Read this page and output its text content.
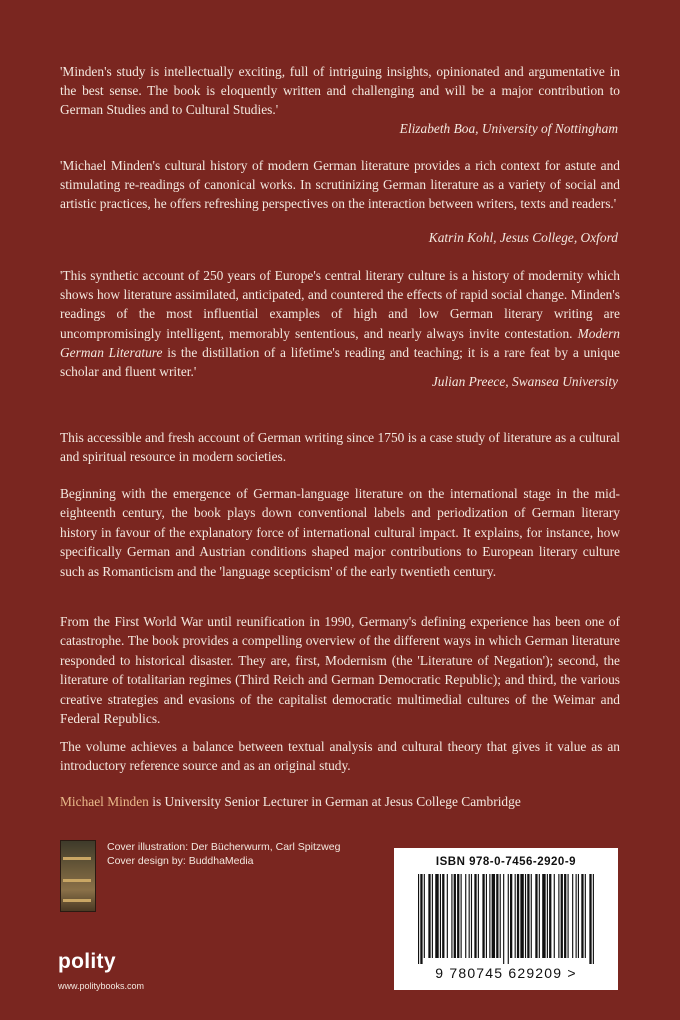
'Minden's study is intellectually exciting, full of intriguing insights, opinionated and argumentative in the best sense. The book is eloquently written and challenging and will be a major contribution to German Studies and to Cultural Studies.'

Elizabeth Boa, University of Nottingham

'Michael Minden's cultural history of modern German literature provides a rich context for astute and stimulating re-readings of canonical works. In scrutinizing German literature as a variety of social and artistic practices, he offers refreshing perspectives on the interaction between writers, texts and readers.'

Katrin Kohl, Jesus College, Oxford

'This synthetic account of 250 years of Europe's central literary culture is a history of modernity which shows how literature assimilated, anticipated, and countered the effects of rapid social change. Minden's readings of the most influential examples of high and low German literary writing are uncompromisingly intelligent, memorably sententious, and nearly always invite contestation. Modern German Literature is the distillation of a lifetime's reading and teaching; it is a rare feat by a unique scholar and fluent writer.'

Julian Preece, Swansea University

This accessible and fresh account of German writing since 1750 is a case study of literature as a cultural and spiritual resource in modern societies.

Beginning with the emergence of German-language literature on the international stage in the mid-eighteenth century, the book plays down conventional labels and periodization of German literary history in favour of the explanatory force of international cultural impact. It explains, for instance, how specifically German and Austrian conditions shaped major contributions to European literary culture such as Romanticism and the 'language scepticism' of the early twentieth century.

From the First World War until reunification in 1990, Germany's defining experience has been one of catastrophe. The book provides a compelling overview of the different ways in which German literature responded to historical disaster. They are, first, Modernism (the 'Literature of Negation'); second, the literature of totalitarian regimes (Third Reich and German Democratic Republic); and third, the various creative strategies and evasions of the capitalist democratic multimedial cultures of the Weimar and Federal Republics.

The volume achieves a balance between textual analysis and cultural theory that gives it value as an introductory reference source and as an original study.

Michael Minden is University Senior Lecturer in German at Jesus College Cambridge

Cover illustration: Der Bücherwurm, Carl Spitzweg
Cover design by: BuddhaMedia
polity
www.politybooks.com
ISBN 978-0-7456-2920-9
9 780745 629209 >
